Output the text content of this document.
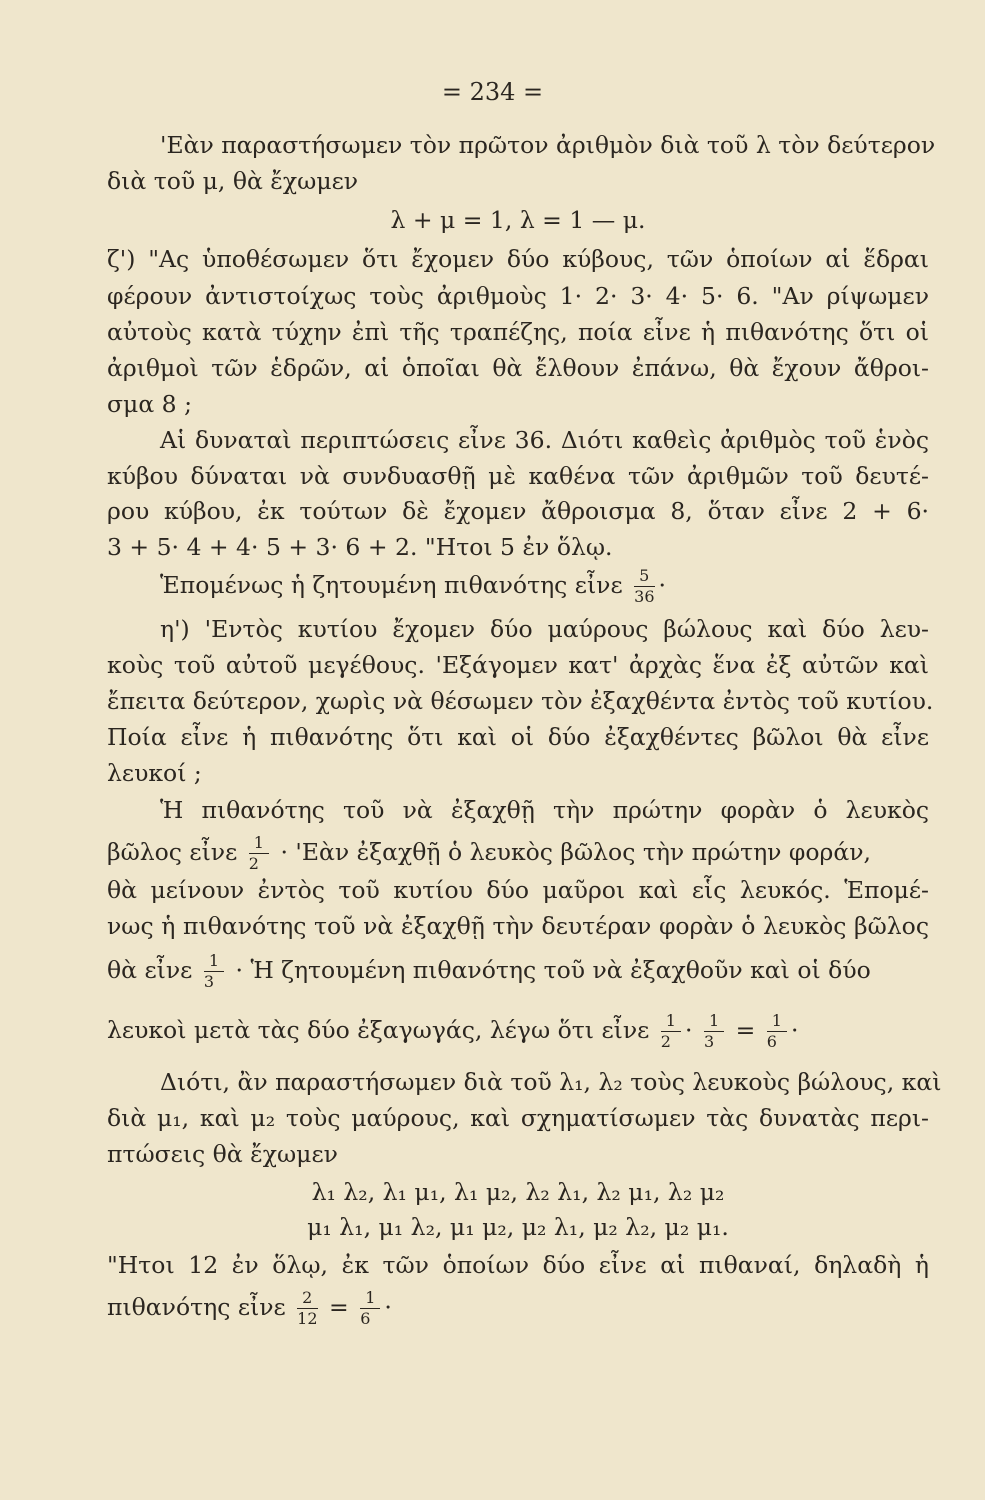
= 234 =
'Εὰν παραστήσωμεν τὸν πρῶτον ἀριθμὸν διὰ τοῦ λ τὸν δεύτερον
διὰ τοῦ μ, θὰ ἔχωμεν
λ + μ = 1, λ = 1 — μ.
ζ') "Ας ὑποθέσωμεν ὅτι ἔχομεν δύο κύβους, τῶν ὁποίων αἱ ἕδραι
φέρουν ἀντιστοίχως τοὺς ἀριθμοὺς 1· 2· 3· 4· 5· 6. "Αν ρίψωμεν
αὐτοὺς κατὰ τύχην ἐπὶ τῆς τραπέζης, ποία εἶνε ἡ πιθανότης ὅτι οἱ
ἀριθμοὶ τῶν ἑδρῶν, αἱ ὁποῖαι θὰ ἔλθουν ἐπάνω, θὰ ἔχουν ἄθροι-
σμα 8 ;
Αἱ δυναταὶ περιπτώσεις εἶνε 36. Διότι καθεὶς ἀριθμὸς τοῦ ἑνὸς
κύβου δύναται νὰ συνδυασθῇ μὲ καθένα τῶν ἀριθμῶν τοῦ δευτέ-
ρου κύβου, ἐκ τούτων δὲ ἔχομεν ἄθροισμα 8, ὅταν εἶνε 2 + 6·
3 + 5· 4 + 4· 5 + 3· 6 + 2. "Ητοι 5 ἐν ὅλῳ.
Ἑπομένως ἡ ζητουμένη πιθανότης εἶνε $\frac{5}{36}$ ·
η') 'Εντὸς κυτίου ἔχομεν δύο μαύρους βώλους καὶ δύο λευ-
κοὺς τοῦ αὐτοῦ μεγέθους. 'Εξάγομεν κατ' ἀρχὰς ἕνα ἐξ αὐτῶν καὶ
ἔπειτα δεύτερον, χωρὶς νὰ θέσωμεν τὸν ἐξαχθέντα ἐντὸς τοῦ κυτίου.
Ποία εἶνε ἡ πιθανότης ὅτι καὶ οἱ δύο ἐξαχθέντες βῶλοι θὰ εἶνε
λευκοί ;
Ἡ πιθανότης τοῦ νὰ ἐξαχθῇ τὴν πρώτην φορὰν ὁ λευκὸς
βῶλος εἶνε $\frac{1}{2}$ · 'Εὰν ἐξαχθῇ ὁ λευκὸς βῶλος τὴν πρώτην φοράν,
θὰ μείνουν ἐντὸς τοῦ κυτίου δύο μαῦροι καὶ εἷς λευκός. Ἑπομέ-
νως ἡ πιθανότης τοῦ νὰ ἐξαχθῇ τὴν δευτέραν φορὰν ὁ λευκὸς βῶλος
θὰ εἶνε $\frac{1}{3}$ · Ἡ ζητουμένη πιθανότης τοῦ νὰ ἐξαχθοῦν καὶ οἱ δύο
λευκοὶ μετὰ τὰς δύο ἐξαγωγάς, λέγω ὅτι εἶνε $\frac{1}{2} \cdot \frac{1}{3} = \frac{1}{6}$ ·
Διότι, ἂν παραστήσωμεν διὰ τοῦ λ₁, λ₂ τοὺς λευκοὺς βώλους, καὶ
διὰ μ₁, καὶ μ₂ τοὺς μαύρους, καὶ σχηματίσωμεν τὰς δυνατὰς περι-
πτώσεις θὰ ἔχωμεν
λ₁ λ₂, λ₁ μ₁, λ₁ μ₂, λ₂ λ₁, λ₂ μ₁, λ₂ μ₂
μ₁ λ₁, μ₁ λ₂, μ₁ μ₂, μ₂ λ₁, μ₂ λ₂, μ₂ μ₁.
"Ητοι 12 ἐν ὅλῳ, ἐκ τῶν ὁποίων δύο εἶνε αἱ πιθαναί, δηλαδὴ ἡ
πιθανότης εἶνε $\frac{2}{12} = \frac{1}{6}$ ·
